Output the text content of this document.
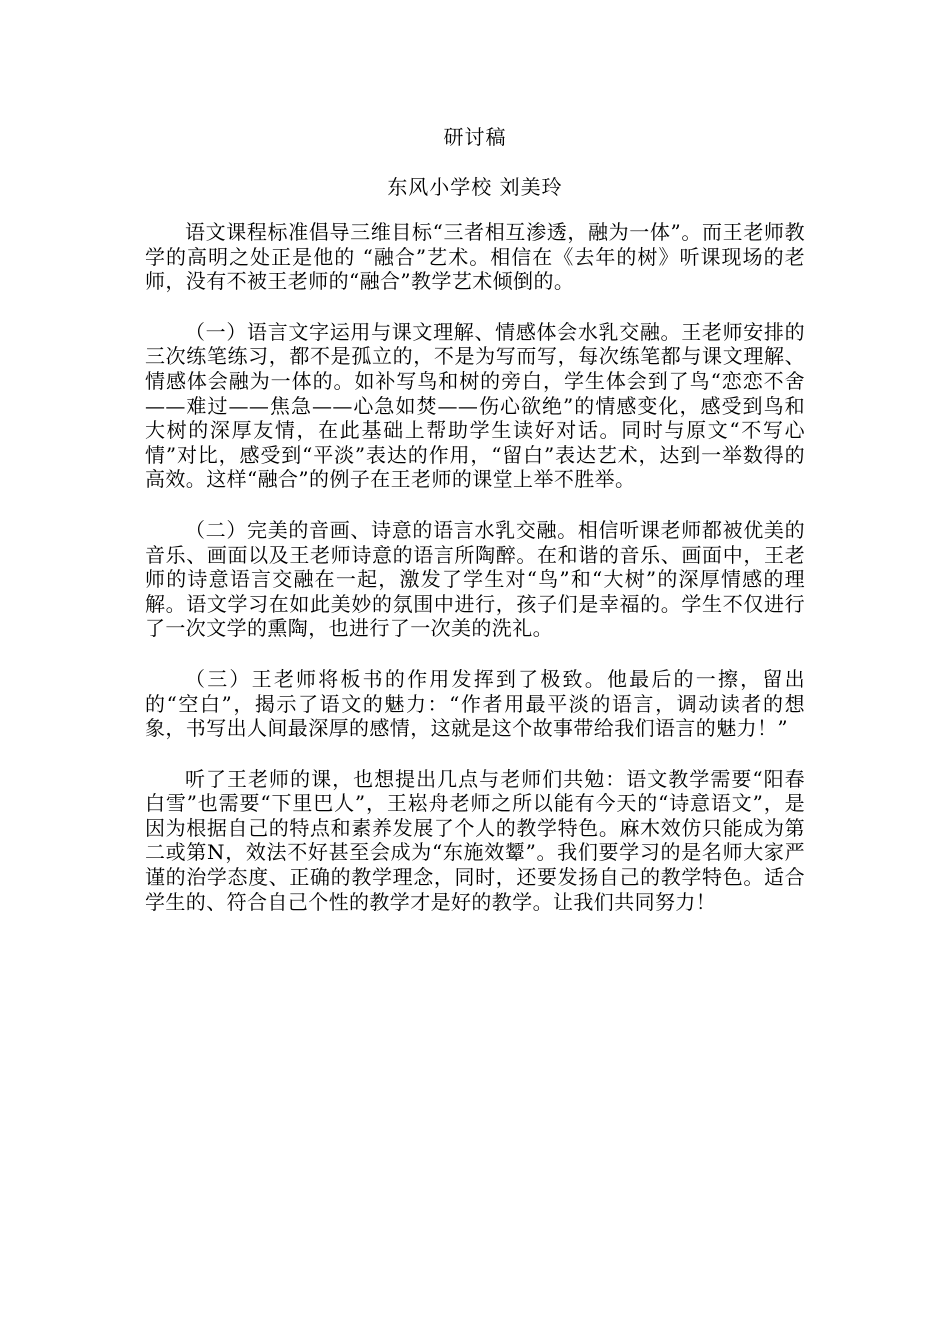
研讨稿

东风小学校 刘美玲

语文课程标准倡导三维目标“三者相互渗透，融为一体”。而王老师教学的高明之处正是他的 “融合”艺术。相信在《去年的树》听课现场的老师，没有不被王老师的“融合”教学艺术倾倒的。

（一）语言文字运用与课文理解、情感体会水乳交融。王老师安排的三次练笔练习，都不是孤立的，不是为写而写，每次练笔都与课文理解、情感体会融为一体的。如补写鸟和树的旁白，学生体会到了鸟“恋恋不舍——难过——焦急——心急如焚——伤心欲绝”的情感变化，感受到鸟和大树的深厚友情，在此基础上帮助学生读好对话。同时与原文“不写心情”对比，感受到“平淡”表达的作用，“留白”表达艺术，达到一举数得的高效。这样“融合”的例子在王老师的课堂上举不胜举。

（二）完美的音画、诗意的语言水乳交融。相信听课老师都被优美的音乐、画面以及王老师诗意的语言所陶醉。在和谐的音乐、画面中，王老师的诗意语言交融在一起，激发了学生对“鸟”和“大树”的深厚情感的理解。语文学习在如此美妙的氛围中进行，孩子们是幸福的。学生不仅进行了一次文学的熏陶，也进行了一次美的洗礼。

（三）王老师将板书的作用发挥到了极致。他最后的一擦，留出的“空白”，揭示了语文的魅力：“作者用最平淡的语言，调动读者的想象，书写出人间最深厚的感情，这就是这个故事带给我们语言的魅力！”

听了王老师的课，也想提出几点与老师们共勉：语文教学需要“阳春白雪”也需要“下里巴人”，王崧舟老师之所以能有今天的“诗意语文”，是因为根据自己的特点和素养发展了个人的教学特色。麻木效仿只能成为第二或第N，效法不好甚至会成为“东施效颦”。我们要学习的是名师大家严谨的治学态度、正确的教学理念，同时，还要发扬自己的教学特色。适合学生的、符合自己个性的教学才是好的教学。让我们共同努力！
